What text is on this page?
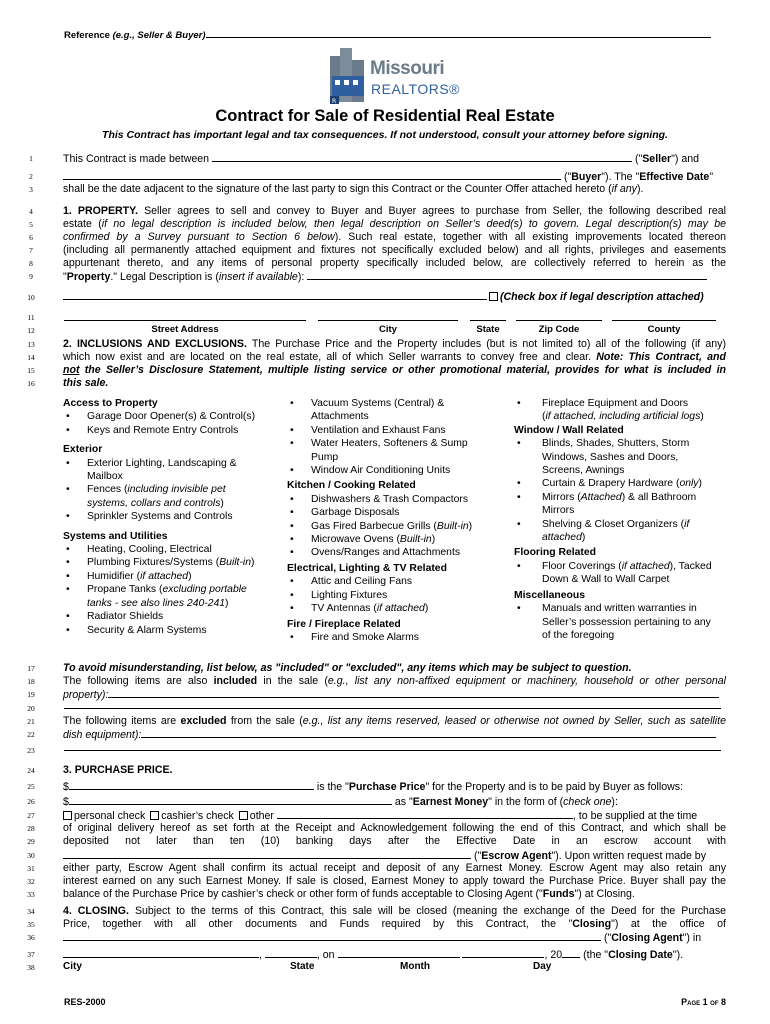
Reference (e.g., Seller & Buyer)
R
Missouri
REALTORS®
Contract for Sale of Residential Real Estate
This Contract has important legal and tax consequences. If not understood, consult your attorney before signing.
1
2
3
4
5
6
7
8
9
10
11
12
13
14
15
16
17
18
19
20
21
22
23
24
25
26
27
28
29
30
31
32
33
34
35
36
37
38
This Contract is made between	("Seller") and
("Buyer"). The "Effective Date"
shall be the date adjacent to the signature of the last party to sign this Contract or the Counter Offer attached hereto (if any).
1. PROPERTY. Seller agrees to sell and convey to Buyer and Buyer agrees to purchase from Seller, the following described real
estate (if no legal description is included below, then legal description on Seller’s deed(s) to govern. Legal description(s) may be
confirmed by a Survey pursuant to Section 6 below). Such real estate, together with all existing improvements located thereon
(including all permanently attached equipment and fixtures not specifically excluded below) and all rights, privileges and easements
appurtenant thereto, and any items of personal property specifically included below, are collectively referred to herein as the
"Property." Legal Description is (insert if available):
(Check box if legal description attached)
Street Address	City	State	Zip Code	County
2. INCLUSIONS AND EXCLUSIONS. The Purchase Price and the Property includes (but is not limited to) all of the following (if any)
which now exist and are located on the real estate, all of which Seller warrants to convey free and clear. Note: This Contract, and
not the Seller’s Disclosure Statement, multiple listing service or other promotional material, provides for what is included in
this sale.
Access to Property
• Garage Door Opener(s) & Control(s)
• Keys and Remote Entry Controls
Exterior
• Exterior Lighting, Landscaping &
Mailbox
• Fences (including invisible pet
systems, collars and controls)
• Sprinkler Systems and Controls
Systems and Utilities
• Heating, Cooling, Electrical
• Plumbing Fixtures/Systems (Built-in)
• Humidifier (if attached)
• Propane Tanks (excluding portable
tanks - see also lines 240-241)
• Radiator Shields
• Security & Alarm Systems
• Vacuum Systems (Central) &
Attachments
• Ventilation and Exhaust Fans
• Water Heaters, Softeners & Sump
Pump
• Window Air Conditioning Units
Kitchen / Cooking Related
• Dishwashers & Trash Compactors
• Garbage Disposals
• Gas Fired Barbecue Grills (Built-in)
• Microwave Ovens (Built-in)
• Ovens/Ranges and Attachments
Electrical, Lighting & TV Related
• Attic and Ceiling Fans
• Lighting Fixtures
• TV Antennas (if attached)
Fire / Fireplace Related
• Fire and Smoke Alarms
• Fireplace Equipment and Doors
(if attached, including artificial logs)
Window / Wall Related
• Blinds, Shades, Shutters, Storm
Windows, Sashes and Doors,
Screens, Awnings
• Curtain & Drapery Hardware (only)
• Mirrors (Attached) & all Bathroom
Mirrors
• Shelving & Closet Organizers (if
attached)
Flooring Related
• Floor Coverings (if attached), Tacked
Down & Wall to Wall Carpet
Miscellaneous
• Manuals and written warranties in
Seller’s possession pertaining to any
of the foregoing
To avoid misunderstanding, list below, as "included" or "excluded", any items which may be subject to question.
The following items are also included in the sale (e.g., list any non-affixed equipment or machinery, household or other personal
property):
The following items are excluded from the sale (e.g., list any items reserved, leased or otherwise not owned by Seller, such as satellite
dish equipment):
3. PURCHASE PRICE.
$	is the "Purchase Price" for the Property and is to be paid by Buyer as follows:
$	as "Earnest Money" in the form of (check one):
personal check cashier’s check other	, to be supplied at the time
of original delivery hereof as set forth at the Receipt and Acknowledgement following the end of this Contract, and which shall be
deposited not later than ten (10) banking days after the Effective Date in an escrow account with
("Escrow Agent"). Upon written request made by
either party, Escrow Agent shall confirm its actual receipt and deposit of any Earnest Money. Escrow Agent may also retain any
interest earned on any such Earnest Money. If sale is closed, Earnest Money to apply toward the Purchase Price. Buyer shall pay the
balance of the Purchase Price by cashier’s check or other form of funds acceptable to Closing Agent ("Funds") at Closing.
4. CLOSING. Subject to the terms of this Contract, this sale will be closed (meaning the exchange of the Deed for the Purchase
Price, together with all other documents and Funds required by this Contract, the "Closing") at the office of
("Closing Agent") in
,	, on	, 20 (the "Closing Date").
City	State	Month	Day
RES-2000	Page 1 of 8
